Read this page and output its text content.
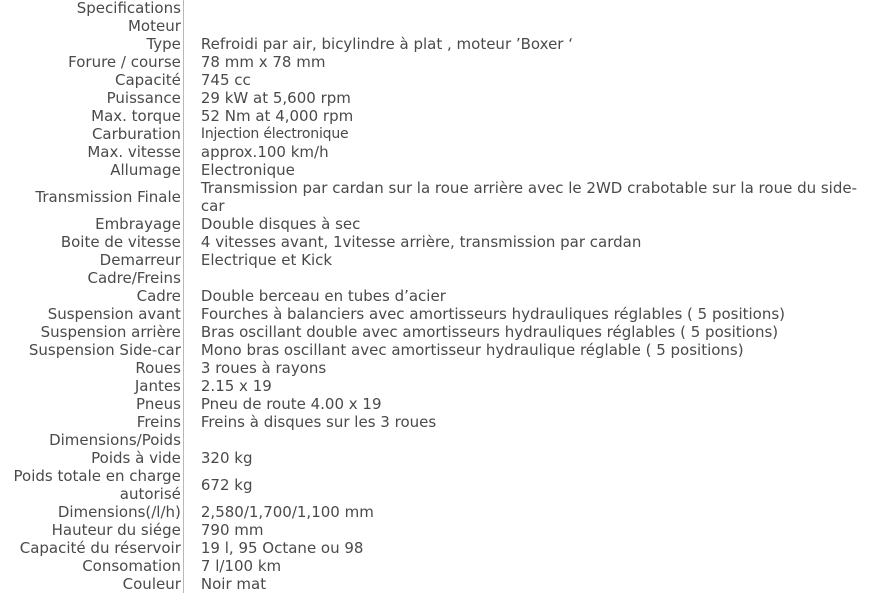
Specifications	
Moteur	
Type	Refroidi par air, bicylindre à plat , moteur ’Boxer ‘
Forure / course	78 mm x 78 mm
Capacité	745 cc
Puissance	29 kW at 5,600 rpm
Max. torque	52 Nm at 4,000 rpm
Carburation	Injection électronique
Max. vitesse	approx.100 km/h
Allumage	Electronique
Transmission Finale	Transmission par cardan sur la roue arrière avec le 2WD crabotable sur la roue du side-car
Embrayage	Double disques à sec
Boite de vitesse	4 vitesses avant, 1vitesse arrière, transmission par cardan
Demarreur	Electrique et Kick
Cadre/Freins	
Cadre	Double berceau en tubes d’acier
Suspension avant	Fourches à balanciers avec amortisseurs hydrauliques réglables ( 5 positions)
Suspension arrière	Bras oscillant double avec amortisseurs hydrauliques réglables ( 5 positions)
Suspension Side-car	Mono bras oscillant avec amortisseur hydraulique réglable ( 5 positions)
Roues	3 roues à rayons
Jantes	2.15 x 19
Pneus	Pneu de route 4.00 x 19
Freins	Freins à disques sur les 3 roues
Dimensions/Poids	
Poids à vide	320 kg
Poids totale en charge autorisé	672 kg
Dimensions(/l/h)	2,580/1,700/1,100 mm
Hauteur du siége	790 mm
Capacité du réservoir	19 l, 95 Octane ou 98
Consomation	7 l/100 km
Couleur	Noir mat
